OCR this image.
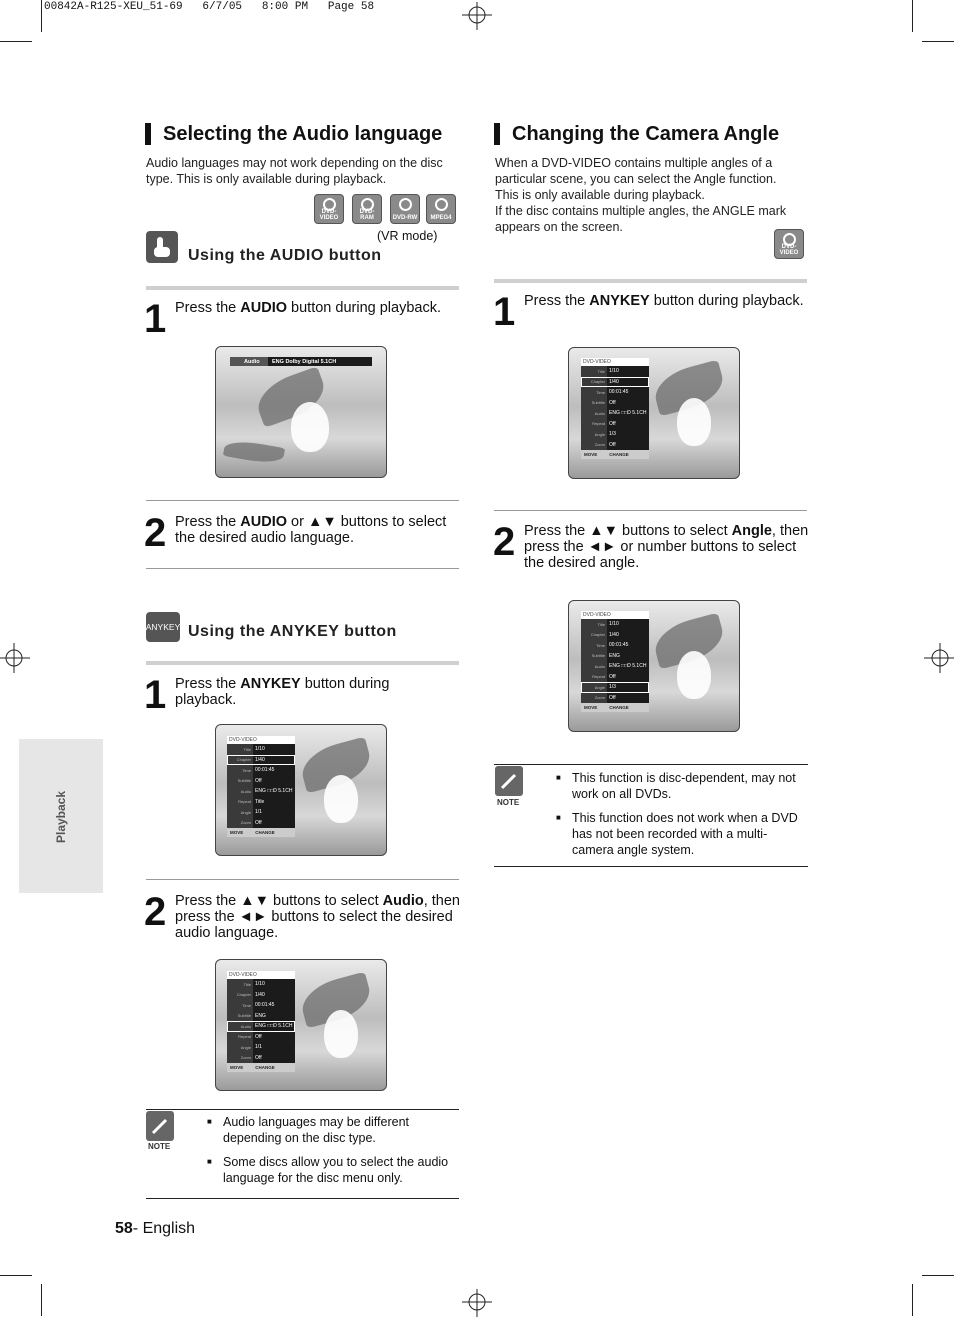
00842A-R125-XEU_51-69   6/7/05   8:00 PM   Page 58
Playback
Selecting the Audio language
Audio languages may not work depending on the disc type. This is only available during playback.
DVD-VIDEO
DVD-RAM	DVD-RW	MPEG4
(VR mode)
Using the AUDIO button
1 Press the AUDIO button during playback.
Audio	ENG Dolby Digital 5.1CH
2 Press the AUDIO or ▲▼ buttons to select
the desired audio language.
ANYKEY Using the ANYKEY button
1 Press the ANYKEY button during
playback.
DVD-VIDEO
Title 1/10
Chapter 1/40
Time 00:01:45
Subtitle Off
Audio ENG □□D 5.1CH
Repeat Title
Angle 1/1
Zoom Off
MOVE	CHANGE
2 Press the ▲▼ buttons to select Audio, then
press the ◄► buttons to select the desired
audio language.
DVD-VIDEO
Title 1/10
Chapter 1/40
Time 00:01:45
Subtitle ENG
Audio ENG □□D 5.1CH
Repeat Off
Angle 1/1
Zoom Off
MOVE	CHANGE
NOTE
■ Audio languages may be different depending on the disc type.
■ Some discs allow you to select the audio language for the disc menu only.
Changing the Camera Angle
When a DVD-VIDEO contains multiple angles of a
particular scene, you can select the Angle function.
This is only available during playback.
If the disc contains multiple angles, the ANGLE mark
appears on the screen.
DVD-VIDEO
1 Press the ANYKEY button during playback.
DVD-VIDEO
Title 1/10
Chapter 1/40
Time 00:01:45
Subtitle Off
Audio ENG □□D 5.1CH
Repeat Off
Angle 1/3
Zoom Off
MOVE	CHANGE
2 Press the ▲▼ buttons to select Angle, then
press the ◄► or number buttons to select
the desired angle.
DVD-VIDEO
Title 1/10
Chapter 1/40
Time 00:01:45
Subtitle ENG
Audio ENG □□D 5.1CH
Repeat Off
Angle 1/3
Zoom Off
MOVE	CHANGE
NOTE
■ This function is disc-dependent, may not work on all DVDs.
■ This function does not work when a DVD has not been recorded with a multi-camera angle system.
58- English
